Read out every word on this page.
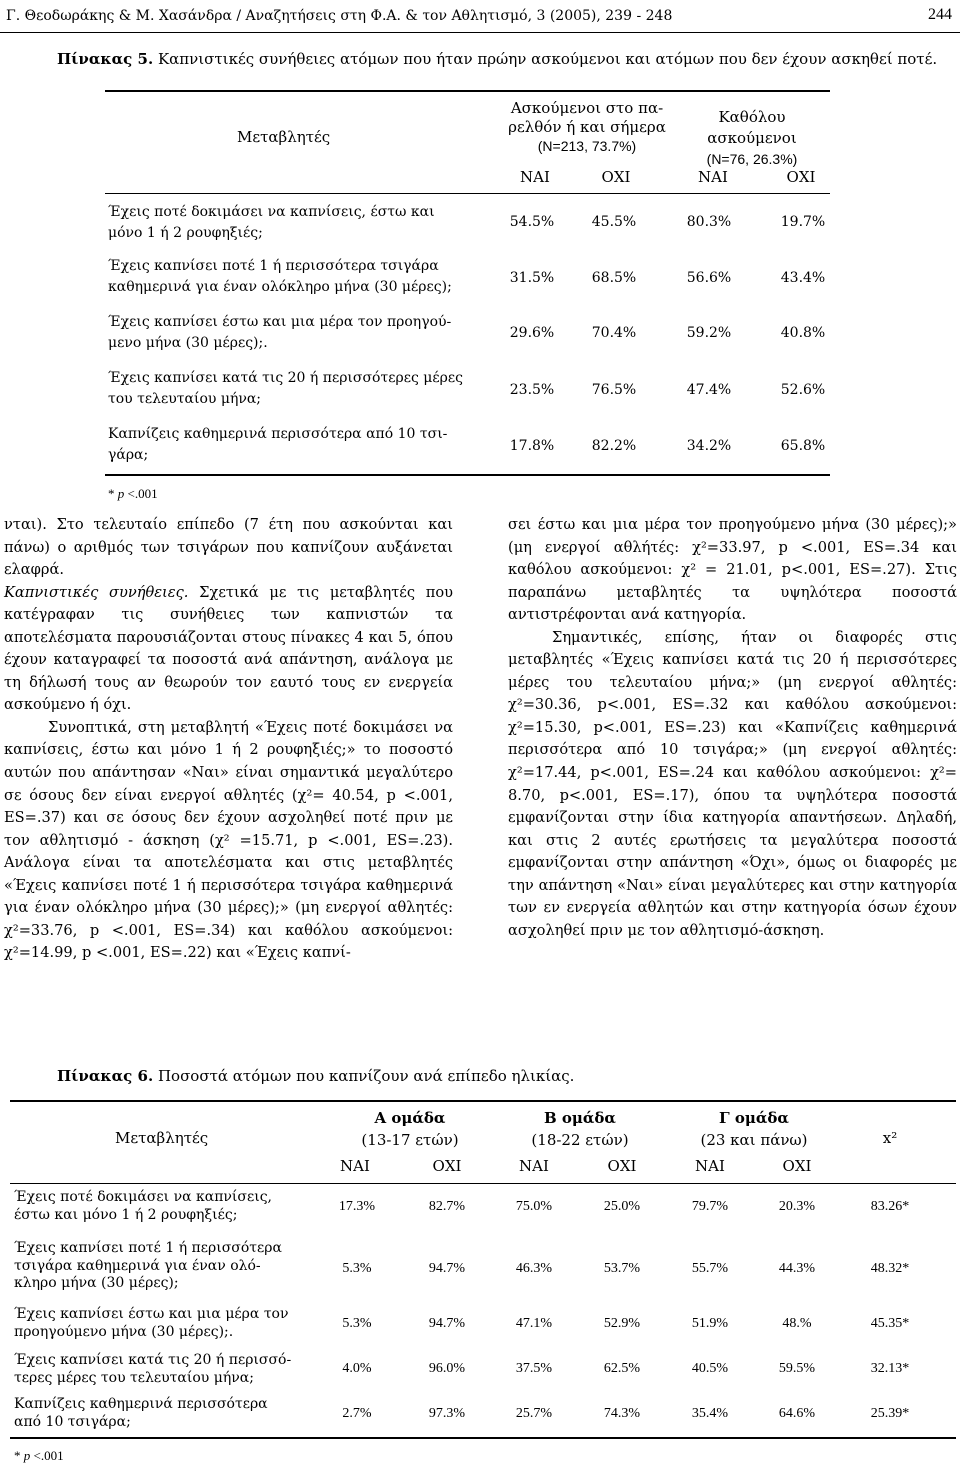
Γ. Θεοδωράκης & Μ. Χασάνδρα / Αναζητήσεις στη Φ.Α. & τον Αθλητισμό, 3 (2005), 239 - 248	244
Πίνακας 5. Καπνιστικές συνήθειες ατόμων που ήταν πρώην ασκούμενοι και ατόμων που δεν έχουν ασκηθεί ποτέ.
Μεταβλητές
Ασκούμενοι στο πα-
ρελθόν ή και σήμερα
(N=213, 73.7%)
Καθόλου ασκούμενοι
(N=76, 26.3%)
ΝΑΙ	ΟΧΙ	ΝΑΙ	ΟΧΙ
Έχεις ποτέ δοκιμάσει να καπνίσεις, έστω και
μόνο 1 ή 2 ρουφηξιές;
54.5%	45.5%	80.3%	19.7%
Έχεις καπνίσει ποτέ 1 ή περισσότερα τσιγάρα
καθημερινά για έναν ολόκληρο μήνα (30 μέρες);
31.5%	68.5%	56.6%	43.4%
Έχεις καπνίσει έστω και μια μέρα τον προηγού-
μενο μήνα (30 μέρες);.
29.6%	70.4%	59.2%	40.8%
Έχεις καπνίσει κατά τις 20 ή περισσότερες μέρες
του τελευταίου μήνα;
23.5%	76.5%	47.4%	52.6%
Καπνίζεις καθημερινά περισσότερα από 10 τσι-
γάρα;
17.8%	82.2%	34.2%	65.8%
* p <.001

νται). Στο τελευταίο επίπεδο (7 έτη που ασκούνται και πάνω) ο αριθμός των τσιγάρων που καπνίζουν αυξάνεται ελαφρά.

Καπνιστικές συνήθειες. Σχετικά με τις μεταβλητές που κατέγραφαν τις συνήθειες των καπνιστών τα αποτελέσματα παρουσιάζονται στους πίνακες 4 και 5, όπου έχουν καταγραφεί τα ποσοστά ανά απάντηση, ανάλογα με τη δήλωσή τους αν θεωρούν τον εαυτό τους εν ενεργεία ασκούμενο ή όχι.

Συνοπτικά, στη μεταβλητή «Έχεις ποτέ δοκιμάσει να καπνίσεις, έστω και μόνο 1 ή 2 ρουφηξιές;» το ποσοστό αυτών που απάντησαν «Ναι» είναι σημαντικά μεγαλύτερο σε όσους δεν είναι ενεργοί αθλητές (χ²= 40.54, p <.001, ES=.37) και σε όσους δεν έχουν ασχοληθεί ποτέ πριν με τον αθλητισμό - άσκηση (χ² =15.71, p <.001, ES=.23). Ανάλογα είναι τα αποτελέσματα και στις μεταβλητές «Έχεις καπνίσει ποτέ 1 ή περισσότερα τσιγάρα καθημερινά για έναν ολόκληρο μήνα (30 μέρες);» (μη ενεργοί αθλητές: χ²=33.76, p <.001, ES=.34) και καθόλου ασκούμενοι: χ²=14.99, p <.001, ES=.22) και «Έχεις καπνί-

σει έστω και μια μέρα τον προηγούμενο μήνα (30 μέρες);» (μη ενεργοί αθλήτές: χ²=33.97, p <.001, ES=.34 και καθόλου ασκούμενοι: χ² = 21.01, p<.001, ES=.27). Στις παραπάνω μεταβλητές τα υψηλότερα ποσοστά αντιστρέφονται ανά κατηγορία.

Σημαντικές, επίσης, ήταν οι διαφορές στις μεταβλητές «Έχεις καπνίσει κατά τις 20 ή περισσότερες μέρες του τελευταίου μήνα;» (μη ενεργοί αθλητές: χ²=30.36, p<.001, ES=.32 και καθόλου ασκούμενοι: χ²=15.30, p<.001, ES=.23) και «Καπνίζεις καθημερινά περισσότερα από 10 τσιγάρα;» (μη ενεργοί αθλητές: χ²=17.44, p<.001, ES=.24 και καθόλου ασκούμενοι: χ²= 8.70, p<.001, ES=.17), όπου τα υψηλότερα ποσοστά εμφανίζονται στην ίδια κατηγορία απαντήσεων. Δηλαδή, και στις 2 αυτές ερωτήσεις τα μεγαλύτερα ποσοστά εμφανίζονται στην απάντηση «Όχι», όμως οι διαφορές με την απάντηση «Ναι» είναι μεγαλύτερες και στην κατηγορία των εν ενεργεία αθλητών και στην κατηγορία όσων έχουν ασχοληθεί πριν με τον αθλητισμό-άσκηση.

Πίνακας 6. Ποσοστά ατόμων που καπνίζουν ανά επίπεδο ηλικίας.
Μεταβλητές
Α ομάδα
(13-17 ετών)
Β ομάδα
(18-22 ετών)
Γ ομάδα
(23 και πάνω)	x²
ΝΑΙ	ΟΧΙ	ΝΑΙ	ΟΧΙ	ΝΑΙ	ΟΧΙ
Έχεις ποτέ δοκιμάσει να καπνίσεις,
έστω και μόνο 1 ή 2 ρουφηξιές;	17.3%	82.7%	75.0%	25.0%	79.7%	20.3%	83.26*
Έχεις καπνίσει ποτέ 1 ή περισσότερα
τσιγάρα καθημερινά για έναν ολό-
κληρο μήνα (30 μέρες);
5.3%	94.7%	46.3%	53.7%	55.7%	44.3%	48.32*
Έχεις καπνίσει έστω και μια μέρα τον
προηγούμενο μήνα (30 μέρες);.	5.3%	94.7%	47.1%	52.9%	51.9%	48.%	45.35*
Έχεις καπνίσει κατά τις 20 ή περισσό-
τερες μέρες του τελευταίου μήνα;
4.0%	96.0%	37.5%	62.5%	40.5%	59.5%	32.13*
Καπνίζεις καθημερινά περισσότερα
από 10 τσιγάρα;	2.7%	97.3%	25.7%	74.3%	35.4%	64.6%	25.39*
* p <.001
